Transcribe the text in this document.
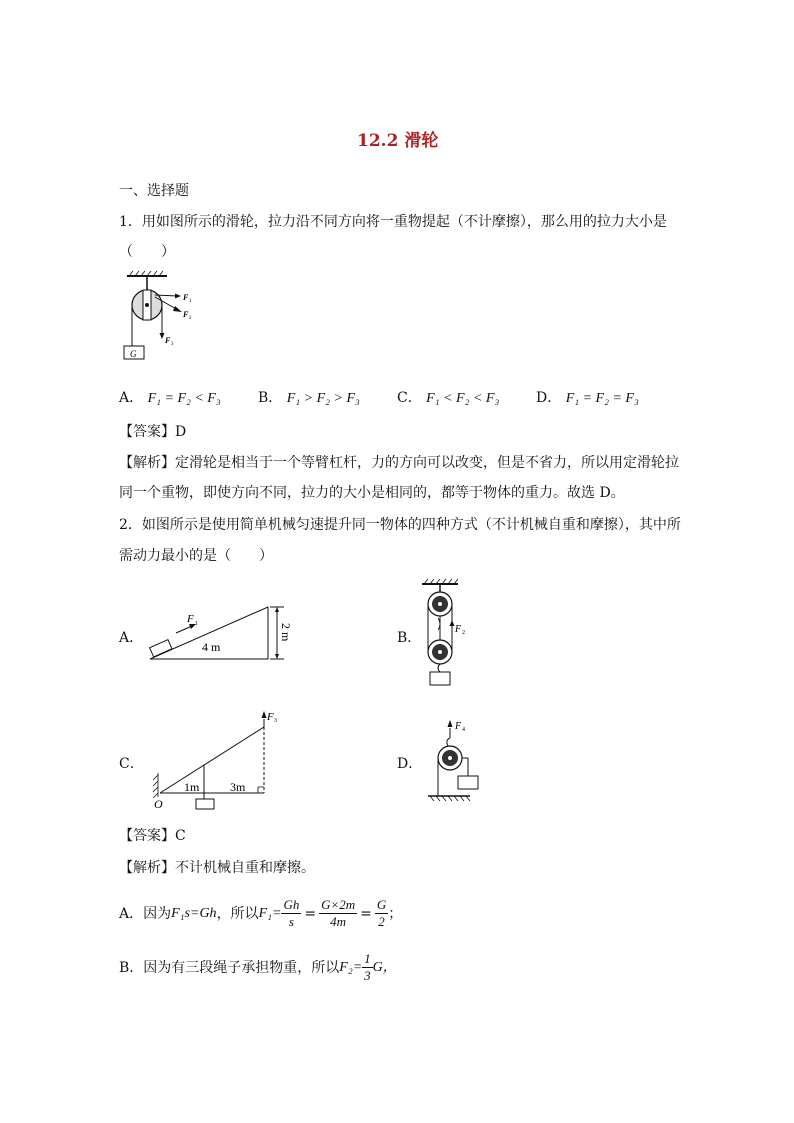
12.2 滑轮
一、选择题
1．用如图所示的滑轮，拉力沿不同方向将一重物提起（不计摩擦），那么用的拉力大小是
（　　）
G
F 1
F 2
F 3
A． F₁ = F₂ < F₃	B． F₁ > F₂ > F₃	C． F₁ < F₂ < F₃	D． F₁ = F₂ = F₃
【答案】D
【解析】定滑轮是相当于一个等臂杠杆，力的方向可以改变，但是不省力，所以用定滑轮拉
同一个重物，即使方向不同，拉力的大小是相同的，都等于物体的重力。故选 D。
2．如图所示是使用简单机械匀速提升同一物体的四种方式（不计机械自重和摩擦），其中所
需动力最小的是（　　）
A．
F 1
4 m
2 m	B．
F 2
C．
F 3
1m	3m
O
D．
F 4
【答案】C
【解析】不计机械自重和摩擦。
A．因为 F₁s=Gh ，所以 $F_1= \frac{Gh}{s} = \frac{G\times 2m}{4m} = \frac{G}{2}$ ；
B．因为有三段绳子承担物重，所以 $F_2= \frac{1}{3}$ G，
